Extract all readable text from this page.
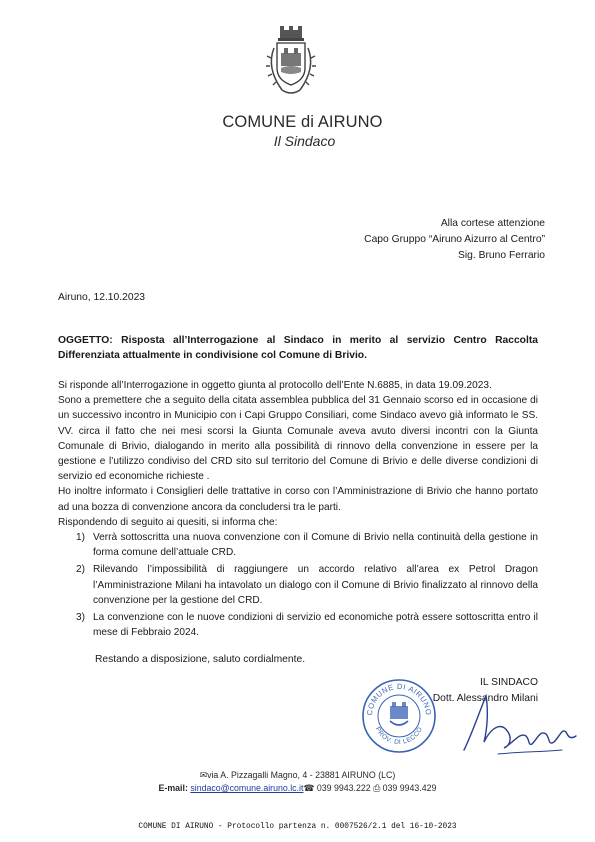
COMUNE di AIRUNO
Il Sindaco
Alla cortese attenzione
Capo Gruppo “Airuno Aizurro al Centro”
Sig. Bruno Ferrario
Airuno, 12.10.2023
OGGETTO: Risposta all’Interrogazione al Sindaco in merito al servizio Centro Raccolta Differenziata attualmente in condivisione col Comune di Brivio.

Si risponde all’Interrogazione in oggetto giunta al protocollo dell’Ente N.6885, in data 19.09.2023.

Sono a premettere che a seguito della citata assemblea pubblica del 31 Gennaio scorso ed in occasione di un successivo incontro in Municipio con i Capi Gruppo Consiliari, come Sindaco avevo già informato le SS. VV. circa il fatto che nei mesi scorsi la Giunta Comunale aveva avuto diversi incontri con la Giunta Comunale di Brivio, dialogando in merito alla possibilità di rinnovo della convenzione in essere per la gestione e l’utilizzo condiviso del CRD sito sul territorio del Comune di Brivio e delle diverse condizioni di servizio ed economiche richieste .

Ho inoltre informato i Consiglieri delle trattative in corso con l’Amministrazione di Brivio che hanno portato ad una bozza di convenzione ancora da concludersi tra le parti.

Rispondendo di seguito ai quesiti, si informa che:

1) Verrà sottoscritta una nuova convenzione con il Comune di Brivio nella continuità della gestione in forma comune dell’attuale CRD.
2) Rilevando l’impossibilità di raggiungere un accordo relativo all’area ex Petrol Dragon l’Amministrazione Milani ha intavolato un dialogo con il Comune di Brivio finalizzato al rinnovo della convenzione per la gestione del CRD.
3) La convenzione con le nuove condizioni di servizio ed economiche potrà essere sottoscritta entro il mese di Febbraio 2024.
Restando a disposizione, saluto cordialmente.
IL SINDACO
Dott. Alessandro Milani
COMUNE DI AIRUNO
PROV. DI LECCO
✉via A. Pizzagalli Magno, 4 - 23881 AIRUNO (LC)
E-mail: sindaco@comune.airuno.lc.it☎ 039 9943.222 ⎙ 039 9943.429
COMUNE DI AIRUNO - Protocollo partenza n. 0007526/2.1 del 16-10-2023
